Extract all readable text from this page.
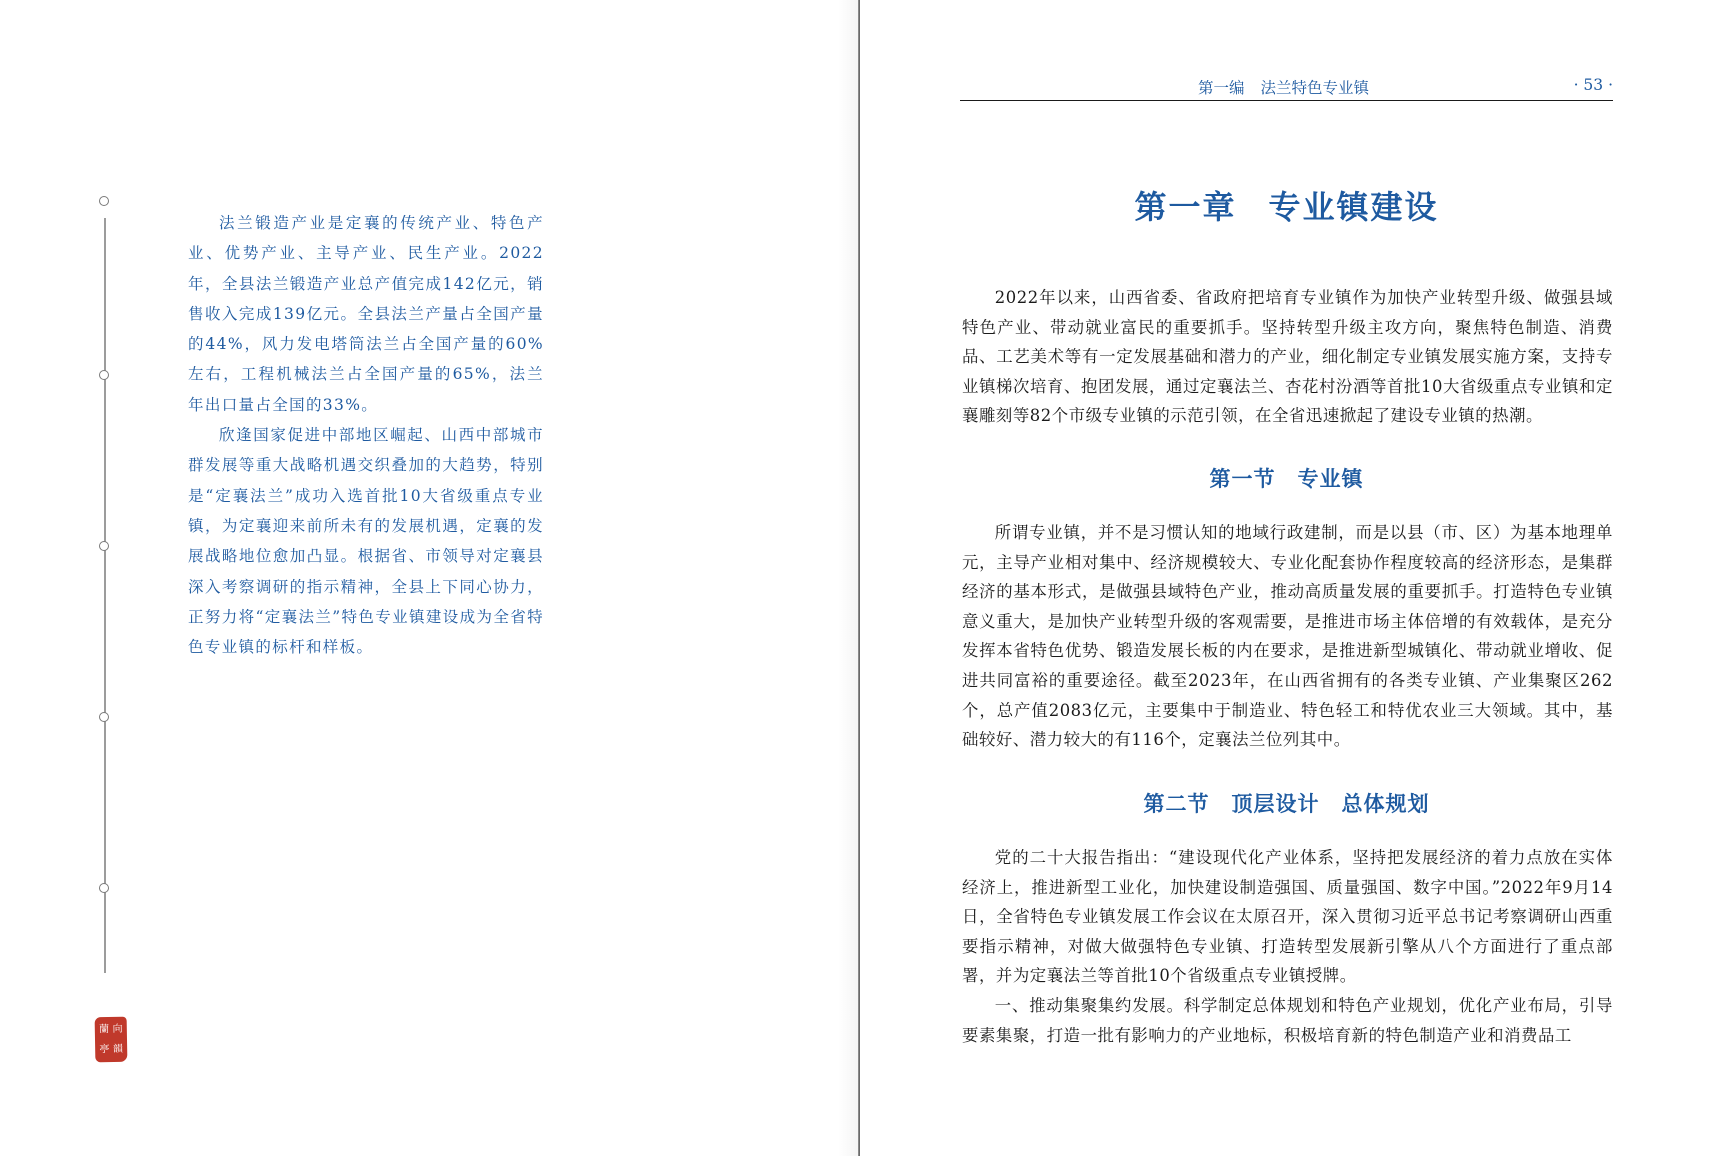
法兰锻造产业是定襄的传统产业、特色产业、优势产业、主导产业、民生产业。2022年，全县法兰锻造产业总产值完成142亿元，销售收入完成139亿元。全县法兰产量占全国产量的44%，风力发电塔筒法兰占全国产量的60%左右，工程机械法兰占全国产量的65%，法兰年出口量占全国的33%。

欣逢国家促进中部地区崛起、山西中部城市群发展等重大战略机遇交织叠加的大趋势，特别是“定襄法兰”成功入选首批10大省级重点专业镇，为定襄迎来前所未有的发展机遇，定襄的发展战略地位愈加凸显。根据省、市领导对定襄县深入考察调研的指示精神，全县上下同心协力，正努力将“定襄法兰”特色专业镇建设成为全省特色专业镇的标杆和样板。

蘭 向
亭 韻
第一编 法兰特色专业镇	· 53 ·
第一章 专业镇建设

2022年以来，山西省委、省政府把培育专业镇作为加快产业转型升级、做强县域特色产业、带动就业富民的重要抓手。坚持转型升级主攻方向，聚焦特色制造、消费品、工艺美术等有一定发展基础和潜力的产业，细化制定专业镇发展实施方案，支持专业镇梯次培育、抱团发展，通过定襄法兰、杏花村汾酒等首批10大省级重点专业镇和定襄雕刻等82个市级专业镇的示范引领，在全省迅速掀起了建设专业镇的热潮。

第一节 专业镇

所谓专业镇，并不是习惯认知的地域行政建制，而是以县（市、区）为基本地理单元，主导产业相对集中、经济规模较大、专业化配套协作程度较高的经济形态，是集群经济的基本形式，是做强县域特色产业，推动高质量发展的重要抓手。打造特色专业镇意义重大，是加快产业转型升级的客观需要，是推进市场主体倍增的有效载体，是充分发挥本省特色优势、锻造发展长板的内在要求，是推进新型城镇化、带动就业增收、促进共同富裕的重要途径。截至2023年，在山西省拥有的各类专业镇、产业集聚区262个，总产值2083亿元，主要集中于制造业、特色轻工和特优农业三大领域。其中，基础较好、潜力较大的有116个，定襄法兰位列其中。

第二节 顶层设计 总体规划

党的二十大报告指出：“建设现代化产业体系，坚持把发展经济的着力点放在实体经济上，推进新型工业化，加快建设制造强国、质量强国、数字中国。”2022年9月14日，全省特色专业镇发展工作会议在太原召开，深入贯彻习近平总书记考察调研山西重要指示精神，对做大做强特色专业镇、打造转型发展新引擎从八个方面进行了重点部署，并为定襄法兰等首批10个省级重点专业镇授牌。

一、推动集聚集约发展。科学制定总体规划和特色产业规划，优化产业布局，引导要素集聚，打造一批有影响力的产业地标，积极培育新的特色制造产业和消费品工
